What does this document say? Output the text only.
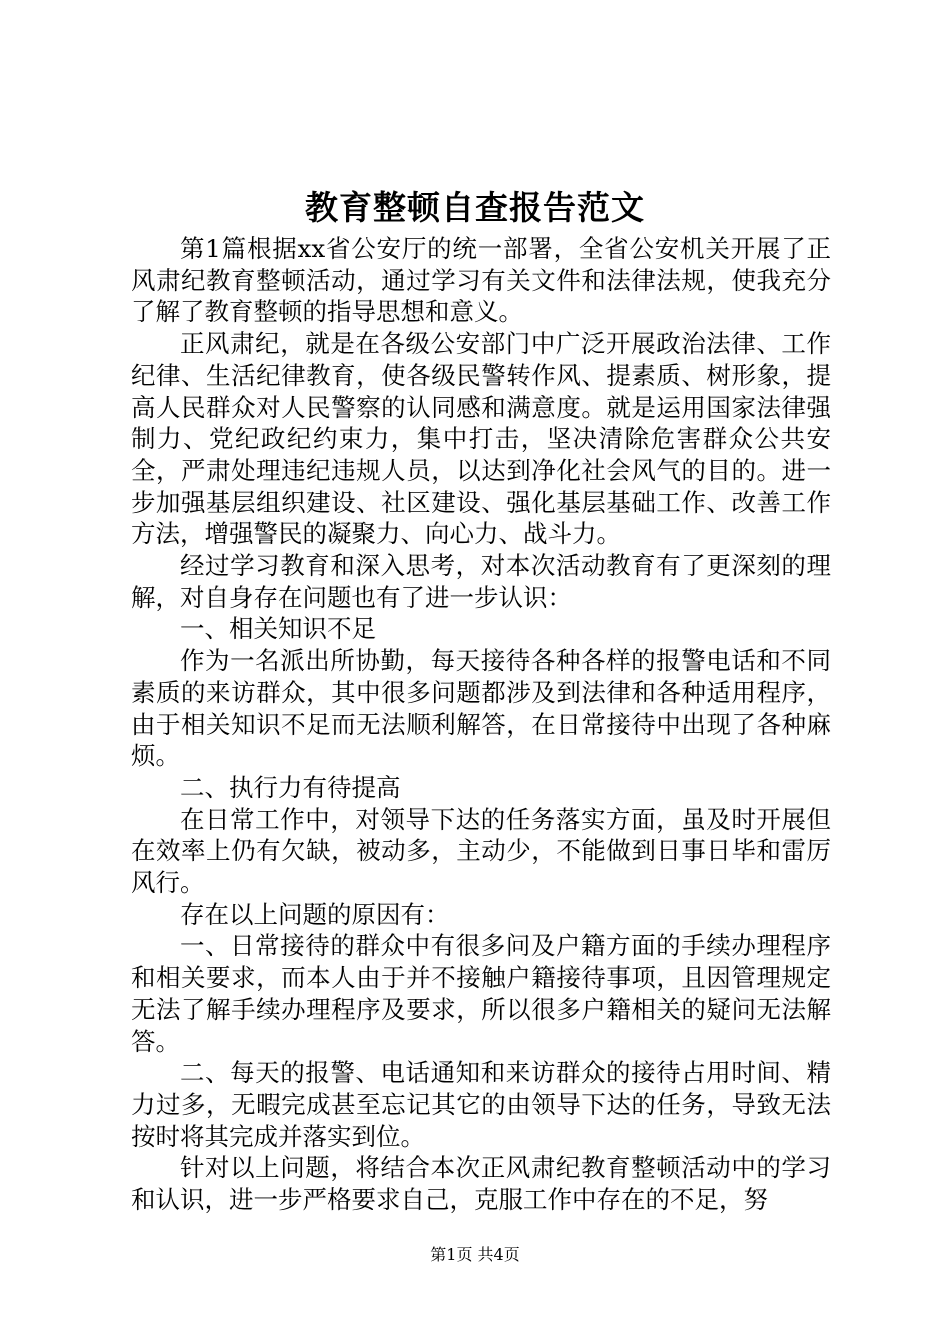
教育整顿自查报告范文

第1篇根据xx省公安厅的统一部署，全省公安机关开展了正风肃纪教育整顿活动，通过学习有关文件和法律法规，使我充分了解了教育整顿的指导思想和意义。

正风肃纪，就是在各级公安部门中广泛开展政治法律、工作纪律、生活纪律教育，使各级民警转作风、提素质、树形象，提高人民群众对人民警察的认同感和满意度。就是运用国家法律强制力、党纪政纪约束力，集中打击，坚决清除危害群众公共安全，严肃处理违纪违规人员，以达到净化社会风气的目的。进一步加强基层组织建设、社区建设、强化基层基础工作、改善工作方法，增强警民的凝聚力、向心力、战斗力。

经过学习教育和深入思考，对本次活动教育有了更深刻的理解，对自身存在问题也有了进一步认识：

一、相关知识不足

作为一名派出所协勤，每天接待各种各样的报警电话和不同素质的来访群众，其中很多问题都涉及到法律和各种适用程序，由于相关知识不足而无法顺利解答，在日常接待中出现了各种麻烦。

二、执行力有待提高

在日常工作中，对领导下达的任务落实方面，虽及时开展但在效率上仍有欠缺，被动多，主动少，不能做到日事日毕和雷厉风行。

存在以上问题的原因有：

一、日常接待的群众中有很多问及户籍方面的手续办理程序和相关要求，而本人由于并不接触户籍接待事项，且因管理规定无法了解手续办理程序及要求，所以很多户籍相关的疑问无法解答。

二、每天的报警、电话通知和来访群众的接待占用时间、精力过多，无暇完成甚至忘记其它的由领导下达的任务，导致无法按时将其完成并落实到位。

针对以上问题，将结合本次正风肃纪教育整顿活动中的学习和认识，进一步严格要求自己，克服工作中存在的不足，努

第1页 共4页
